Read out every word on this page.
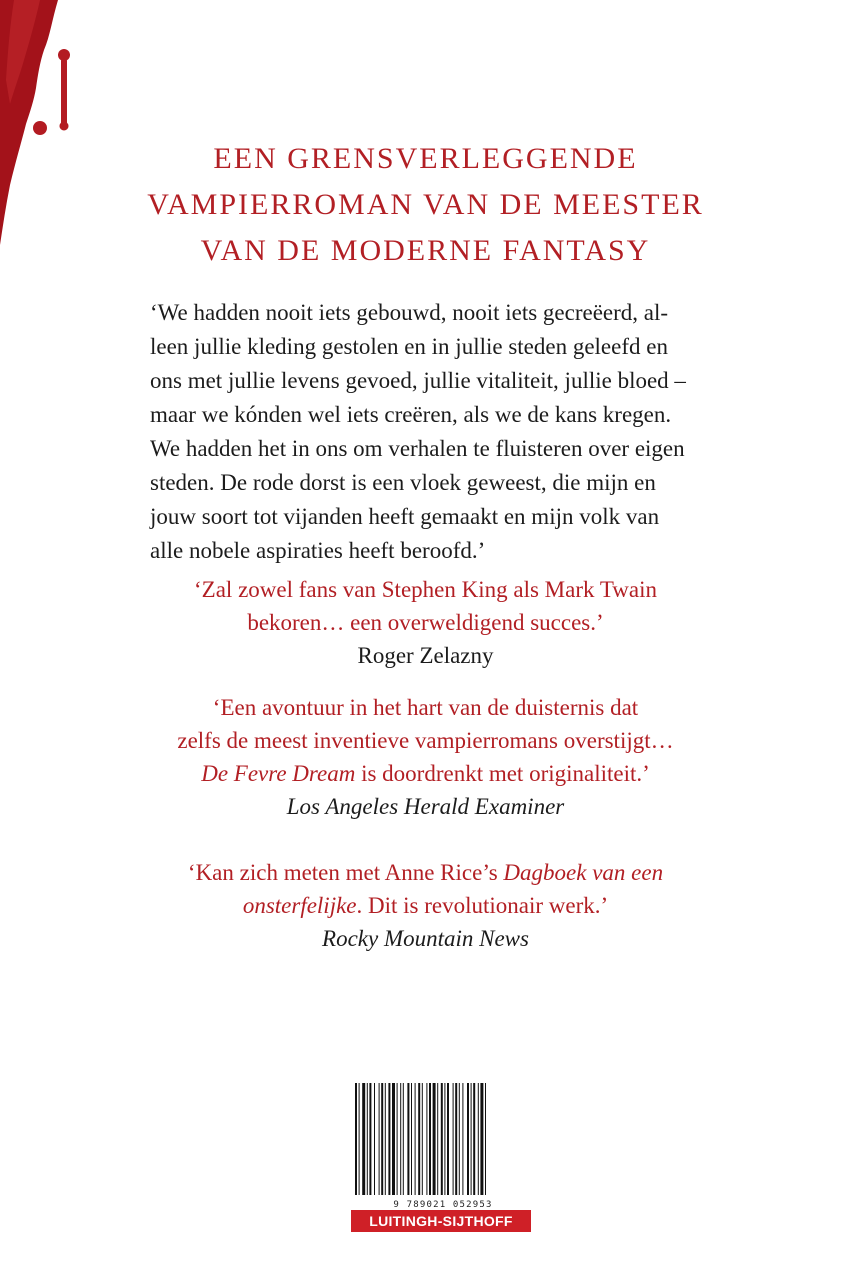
EEN GRENSVERLEGGENDE
VAMPIERROMAN VAN DE MEESTER
VAN DE MODERNE FANTASY
‘We hadden nooit iets gebouwd, nooit iets gecreëerd, al-
leen jullie kleding gestolen en in jullie steden geleefd en
ons met jullie levens gevoed, jullie vitaliteit, jullie bloed –
maar we kónden wel iets creëren, als we de kans kregen.
We hadden het in ons om verhalen te fluisteren over eigen
steden. De rode dorst is een vloek geweest, die mijn en
jouw soort tot vijanden heeft gemaakt en mijn volk van
alle nobele aspiraties heeft beroofd.’
‘Zal zowel fans van Stephen King als Mark Twain
bekoren… een overweldigend succes.’
Roger Zelazny
‘Een avontuur in het hart van de duisternis dat
zelfs de meest inventieve vampierromans overstijgt…
De Fevre Dream is doordrenkt met originaliteit.’
Los Angeles Herald Examiner
‘Kan zich meten met Anne Rice’s Dagboek van een
onsterfelijke. Dit is revolutionair werk.’
Rocky Mountain News
9 789021 052953
LUITINGH-SIJTHOFF
